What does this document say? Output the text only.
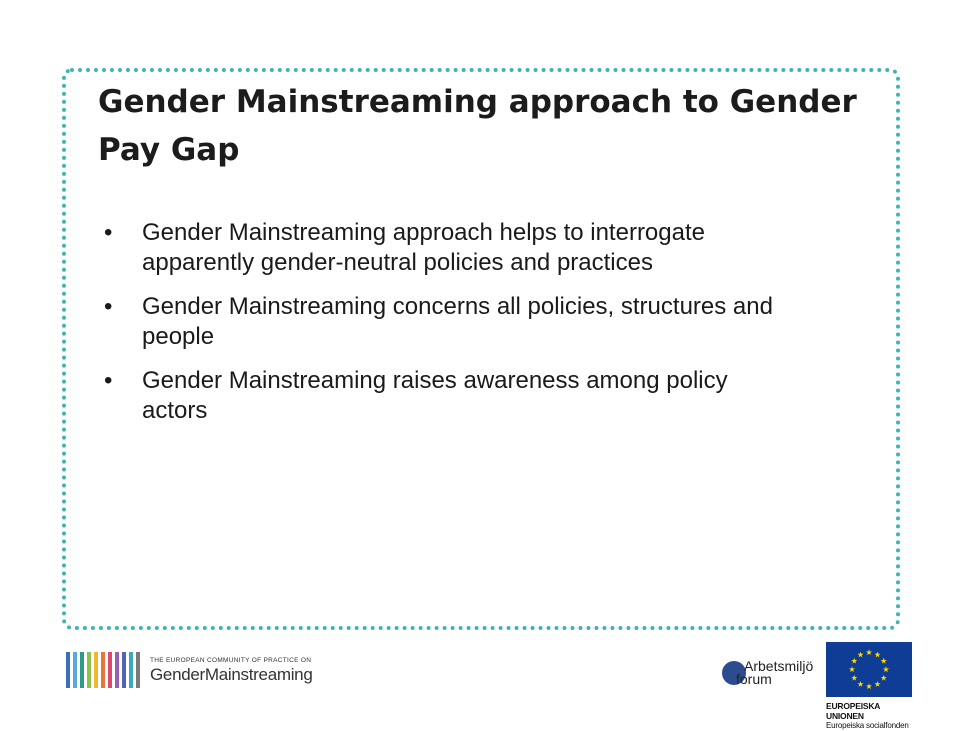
Gender Mainstreaming approach to Gender Pay Gap
• Gender Mainstreaming approach helps to interrogate apparently gender-neutral policies and practices
• Gender Mainstreaming concerns all policies, structures and people
• Gender Mainstreaming raises awareness among policy actors
THE EUROPEAN COMMUNITY OF PRACTICE ON
GenderMainstreaming	Arbetsmiljö
forum
EUROPEISKA UNIONEN
Europeiska socialfonden
